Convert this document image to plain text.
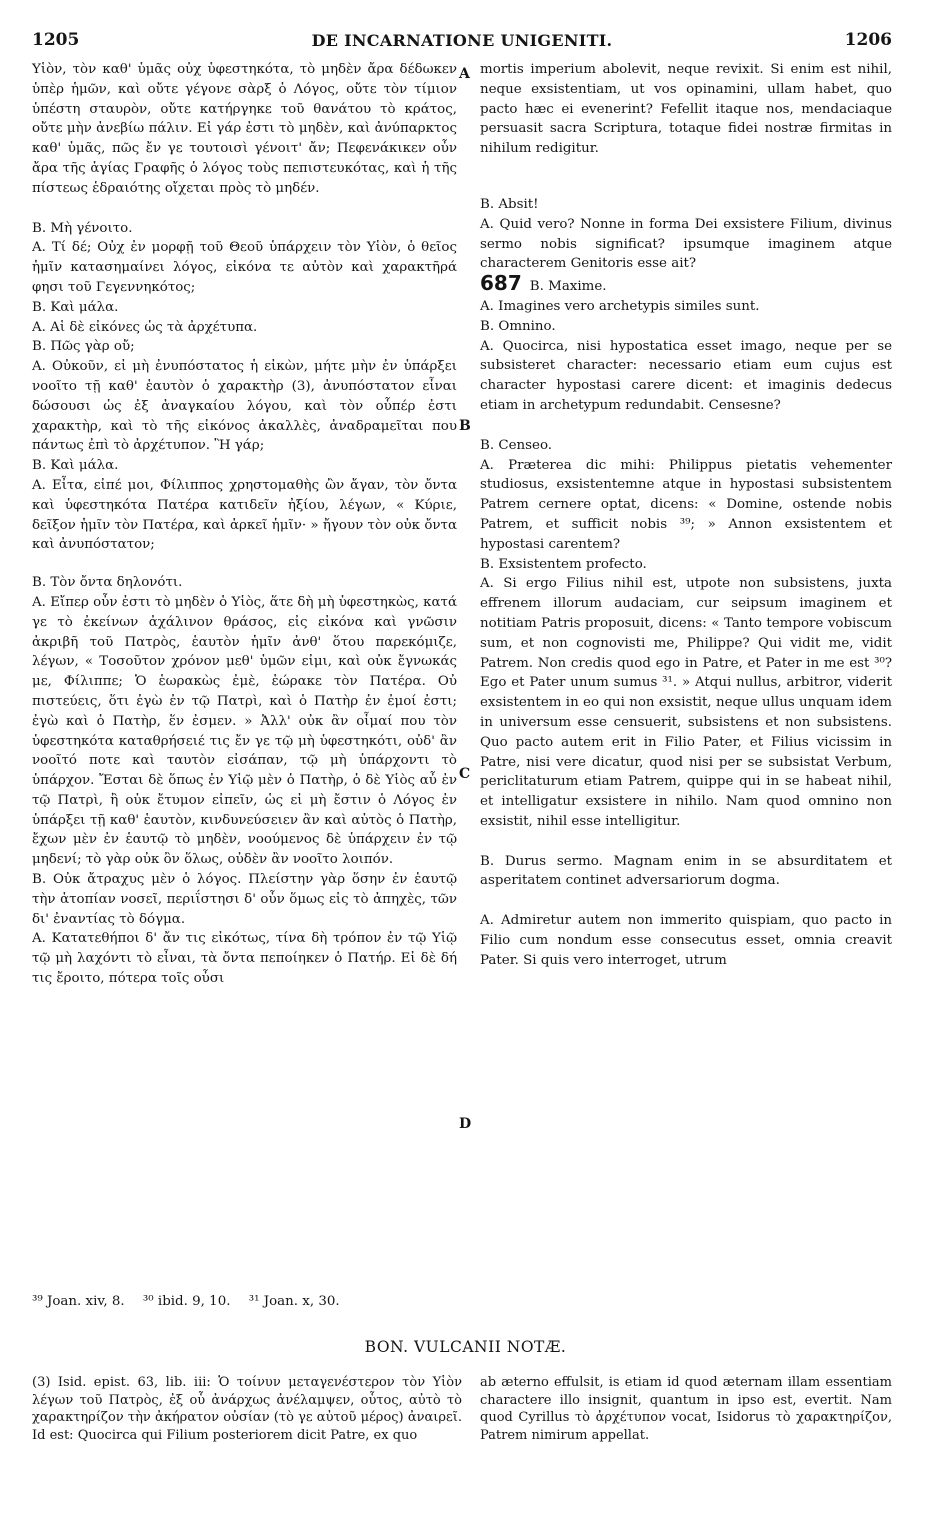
1205	DE INCARNATIONE UNIGENITI.	1206
A
B
C
D

Υἱὸν, τὸν καθ' ὑμᾶς οὐχ ὑφεστηκότα, τὸ μηδὲν ἄρα δέδωκεν ὑπὲρ ἡμῶν, καὶ οὔτε γέγονε σὰρξ ὁ Λόγος, οὔτε τὸν τίμιον ὑπέστη σταυρὸν, οὔτε κατήργηκε τοῦ θανάτου τὸ κράτος, οὔτε μὴν ἀνεβίω πάλιν. Εἰ γάρ ἐστι τὸ μηδὲν, καὶ ἀνύπαρκτος καθ' ὑμᾶς, πῶς ἔν γε τουτοισὶ γένοιτ' ἄν; Πεφενάκικεν οὖν ἄρα τῆς ἁγίας Γραφῆς ὁ λόγος τοὺς πεπιστευκότας, καὶ ἡ τῆς πίστεως ἑδραιότης οἴχεται πρὸς τὸ μηδέν.

Β. Μὴ γένοιτο.

Α. Τί δέ; Οὐχ ἐν μορφῇ τοῦ Θεοῦ ὑπάρχειν τὸν Υἱὸν, ὁ θεῖος ἡμῖν κατασημαίνει λόγος, εἰκόνα τε αὐτὸν καὶ χαρακτῆρά φησι τοῦ Γεγεννηκότος;

Β. Καὶ μάλα.

Α. Αἱ δὲ εἰκόνες ὡς τὰ ἀρχέτυπα.

Β. Πῶς γὰρ οὔ;

Α. Οὐκοῦν, εἰ μὴ ἐνυπόστατος ἡ εἰκὼν, μήτε μὴν ἐν ὑπάρξει νοοῖτο τῇ καθ' ἑαυτὸν ὁ χαρακτὴρ (3), ἀνυπόστατον εἶναι δώσουσι ὡς ἐξ ἀναγκαίου λόγου, καὶ τὸν οὗπέρ ἐστι χαρακτὴρ, καὶ τὸ τῆς εἰκόνος ἀκαλλὲς, ἀναδραμεῖται που πάντως ἐπὶ τὸ ἀρχέτυπον. Ἢ γάρ;

Β. Καὶ μάλα.

Α. Εἶτα, εἰπέ μοι, Φίλιππος χρηστομαθὴς ὢν ἄγαν, τὸν ὄντα καὶ ὑφεστηκότα Πατέρα κατιδεῖν ἠξίου, λέγων, « Κύριε, δεῖξον ἡμῖν τὸν Πατέρα, καὶ ἀρκεῖ ἡμῖν· » ἤγουν τὸν οὐκ ὄντα καὶ ἀνυπόστατον;

Β. Τὸν ὄντα δηλονότι.

Α. Εἴπερ οὖν ἐστι τὸ μηδὲν ὁ Υἱὸς, ἅτε δὴ μὴ ὑφεστηκὼς, κατά γε τὸ ἐκείνων ἀχάλινον θράσος, εἰς εἰκόνα καὶ γνῶσιν ἀκριβῆ τοῦ Πατρὸς, ἑαυτὸν ἡμῖν ἀνθ' ὅτου παρεκόμιζε, λέγων, « Τοσοῦτον χρόνον μεθ' ὑμῶν εἰμι, καὶ οὐκ ἔγνωκάς με, Φίλιππε; Ὁ ἑωρακὼς ἐμὲ, ἑώρακε τὸν Πατέρα. Οὐ πιστεύεις, ὅτι ἐγὼ ἐν τῷ Πατρὶ, καὶ ὁ Πατὴρ ἐν ἐμοί ἐστι; ἐγὼ καὶ ὁ Πατὴρ, ἕν ἐσμεν. » Ἀλλ' οὐκ ἂν οἶμαί που τὸν ὑφεστηκότα καταθρήσειέ τις ἔν γε τῷ μὴ ὑφεστηκότι, οὐδ' ἂν νοοῖτό ποτε καὶ ταυτὸν εἰσάπαν, τῷ μὴ ὑπάρχοντι τὸ ὑπάρχον. Ἔσται δὲ ὅπως ἐν Υἱῷ μὲν ὁ Πατὴρ, ὁ δὲ Υἱὸς αὖ ἐν τῷ Πατρὶ, ἢ οὐκ ἔτυμον εἰπεῖν, ὡς εἰ μὴ ἔστιν ὁ Λόγος ἐν ὑπάρξει τῇ καθ' ἑαυτὸν, κινδυνεύσειεν ἂν καὶ αὐτὸς ὁ Πατὴρ, ἔχων μὲν ἐν ἑαυτῷ τὸ μηδὲν, νοούμενος δὲ ὑπάρχειν ἐν τῷ μηδενί; τὸ γὰρ οὐκ ὂν ὅλως, οὐδὲν ἂν νοοῖτο λοιπόν.

Β. Οὐκ ἄτραχυς μὲν ὁ λόγος. Πλείστην γὰρ ὅσην ἐν ἑαυτῷ τὴν ἀτοπίαν νοσεῖ, περιΐστησι δ' οὖν ὅμως εἰς τὸ ἀπηχὲς, τῶν δι' ἐναντίας τὸ δόγμα.

Α. Κατατεθήποι δ' ἄν τις εἰκότως, τίνα δὴ τρόπον ἐν τῷ Υἱῷ τῷ μὴ λαχόντι τὸ εἶναι, τὰ ὄντα πεποίηκεν ὁ Πατήρ. Εἰ δὲ δή τις ἔροιτο, πότερα τοῖς οὖσι

mortis imperium abolevit, neque revixit. Si enim est nihil, neque exsistentiam, ut vos opinamini, ullam habet, quo pacto hæc ei evenerint? Fefellit itaque nos, mendaciaque persuasit sacra Scriptura, totaque fidei nostræ firmitas in nihilum redigitur.

B. Absit!

A. Quid vero? Nonne in forma Dei exsistere Filium, divinus sermo nobis significat? ipsumque imaginem atque characterem Genitoris esse ait?

687 B. Maxime.

A. Imagines vero archetypis similes sunt.

B. Omnino.

A. Quocirca, nisi hypostatica esset imago, neque per se subsisteret character: necessario etiam eum cujus est character hypostasi carere dicent: et imaginis dedecus etiam in archetypum redundabit. Censesne?

B. Censeo.

A. Præterea dic mihi: Philippus pietatis vehementer studiosus, exsistentemne atque in hypostasi subsistentem Patrem cernere optat, dicens: « Domine, ostende nobis Patrem, et sufficit nobis ³⁹; » Annon exsistentem et hypostasi carentem?

B. Exsistentem profecto.

A. Si ergo Filius nihil est, utpote non subsistens, juxta effrenem illorum audaciam, cur seipsum imaginem et notitiam Patris proposuit, dicens: « Tanto tempore vobiscum sum, et non cognovisti me, Philippe? Qui vidit me, vidit Patrem. Non credis quod ego in Patre, et Pater in me est ³⁰? Ego et Pater unum sumus ³¹. » Atqui nullus, arbitror, viderit exsistentem in eo qui non exsistit, neque ullus unquam idem in universum esse censuerit, subsistens et non subsistens. Quo pacto autem erit in Filio Pater, et Filius vicissim in Patre, nisi vere dicatur, quod nisi per se subsistat Verbum, periclitaturum etiam Patrem, quippe qui in se habeat nihil, et intelligatur exsistere in nihilo. Nam quod omnino non exsistit, nihil esse intelligitur.

B. Durus sermo. Magnam enim in se absurditatem et asperitatem continet adversariorum dogma.

A. Admiretur autem non immerito quispiam, quo pacto in Filio cum nondum esse consecutus esset, omnia creavit Pater. Si quis vero interroget, utrum

³⁹ Joan. xiv, 8. ³⁰ ibid. 9, 10. ³¹ Joan. x, 30.
BON. VULCANII NOTÆ.

(3) Isid. epist. 63, lib. iii: Ὁ τοίνυν μεταγενέστερον τὸν Υἱὸν λέγων τοῦ Πατρὸς, ἐξ οὗ ἀνάρχως ἀνέλαμψεν, οὗτος, αὐτὸ τὸ χαρακτηρίζον τὴν ἀκήρατον οὐσίαν (τὸ γε αὐτοῦ μέρος) ἀναιρεῖ. Id est: Quocirca qui Filium posteriorem dicit Patre, ex quo

ab æterno effulsit, is etiam id quod æternam illam essentiam charactere illo insignit, quantum in ipso est, evertit. Nam quod Cyrillus τὸ ἀρχέτυπον vocat, Isidorus τὸ χαρακτηρίζον, Patrem nimirum appellat.
